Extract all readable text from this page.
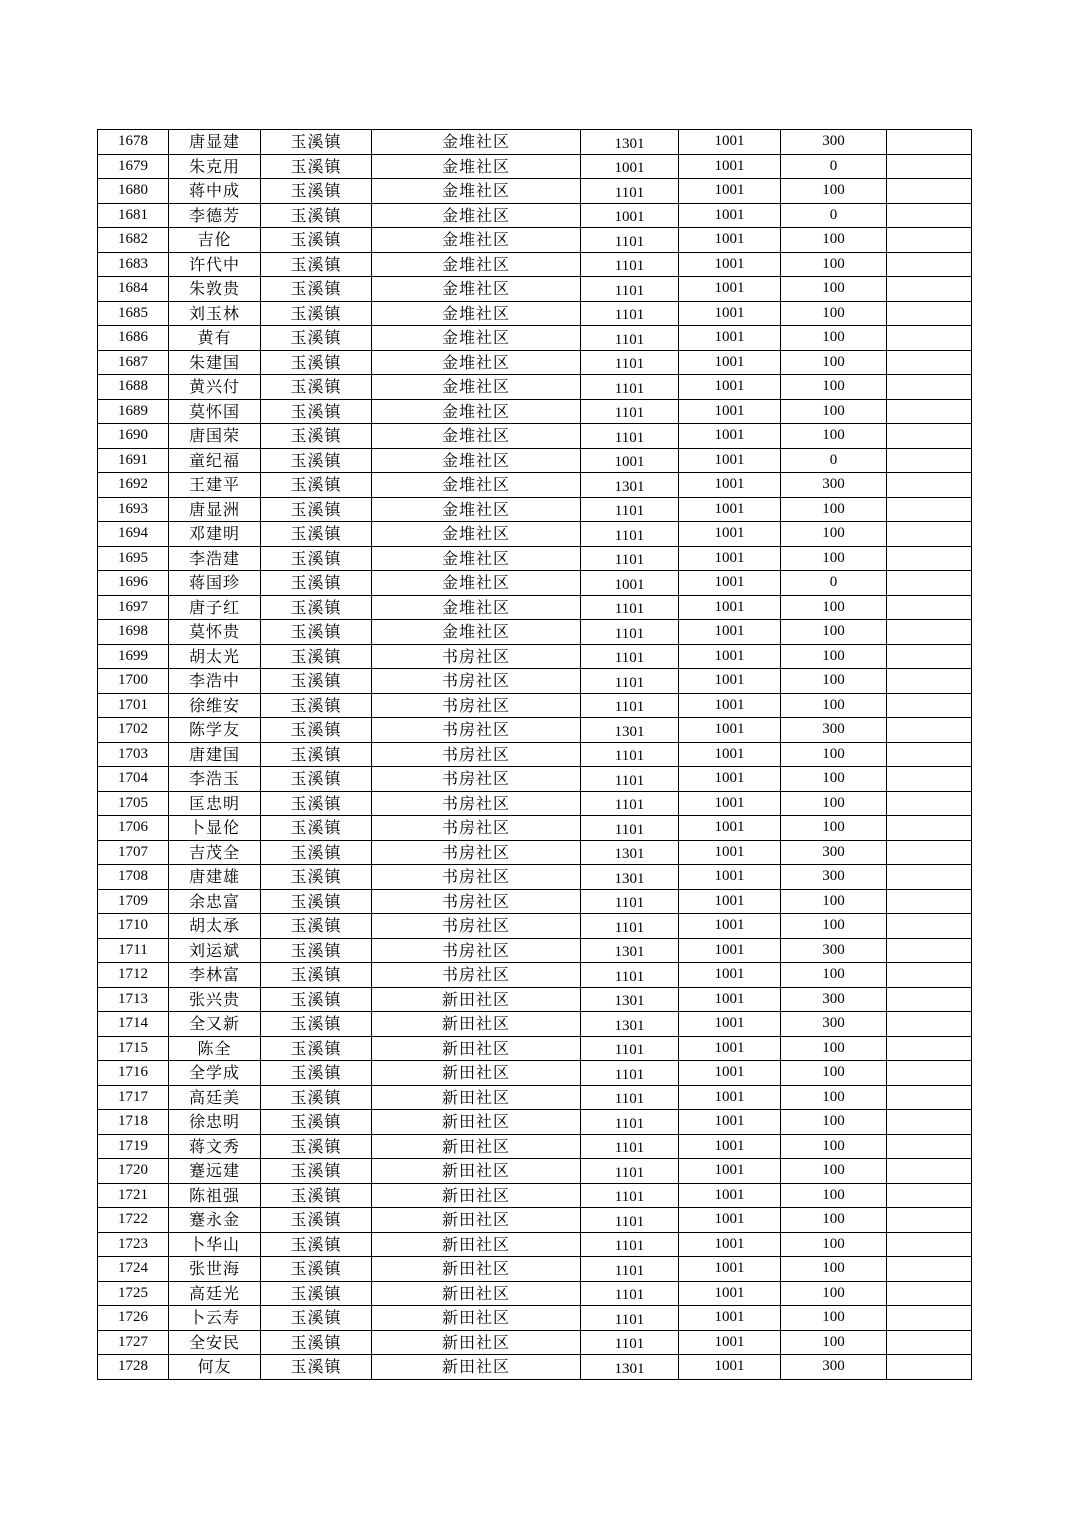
1678	唐显建	玉溪镇	金堆社区	1301	1001	300	
1679	朱克用	玉溪镇	金堆社区	1001	1001	0	
1680	蒋中成	玉溪镇	金堆社区	1101	1001	100	
1681	李德芳	玉溪镇	金堆社区	1001	1001	0	
1682	吉伦	玉溪镇	金堆社区	1101	1001	100	
1683	许代中	玉溪镇	金堆社区	1101	1001	100	
1684	朱敦贵	玉溪镇	金堆社区	1101	1001	100	
1685	刘玉林	玉溪镇	金堆社区	1101	1001	100	
1686	黄有	玉溪镇	金堆社区	1101	1001	100	
1687	朱建国	玉溪镇	金堆社区	1101	1001	100	
1688	黄兴付	玉溪镇	金堆社区	1101	1001	100	
1689	莫怀国	玉溪镇	金堆社区	1101	1001	100	
1690	唐国荣	玉溪镇	金堆社区	1101	1001	100	
1691	童纪福	玉溪镇	金堆社区	1001	1001	0	
1692	王建平	玉溪镇	金堆社区	1301	1001	300	
1693	唐显洲	玉溪镇	金堆社区	1101	1001	100	
1694	邓建明	玉溪镇	金堆社区	1101	1001	100	
1695	李浩建	玉溪镇	金堆社区	1101	1001	100	
1696	蒋国珍	玉溪镇	金堆社区	1001	1001	0	
1697	唐子红	玉溪镇	金堆社区	1101	1001	100	
1698	莫怀贵	玉溪镇	金堆社区	1101	1001	100	
1699	胡太光	玉溪镇	书房社区	1101	1001	100	
1700	李浩中	玉溪镇	书房社区	1101	1001	100	
1701	徐维安	玉溪镇	书房社区	1101	1001	100	
1702	陈学友	玉溪镇	书房社区	1301	1001	300	
1703	唐建国	玉溪镇	书房社区	1101	1001	100	
1704	李浩玉	玉溪镇	书房社区	1101	1001	100	
1705	匡忠明	玉溪镇	书房社区	1101	1001	100	
1706	卜显伦	玉溪镇	书房社区	1101	1001	100	
1707	吉茂全	玉溪镇	书房社区	1301	1001	300	
1708	唐建雄	玉溪镇	书房社区	1301	1001	300	
1709	余忠富	玉溪镇	书房社区	1101	1001	100	
1710	胡太承	玉溪镇	书房社区	1101	1001	100	
1711	刘运斌	玉溪镇	书房社区	1301	1001	300	
1712	李林富	玉溪镇	书房社区	1101	1001	100	
1713	张兴贵	玉溪镇	新田社区	1301	1001	300	
1714	全又新	玉溪镇	新田社区	1301	1001	300	
1715	陈全	玉溪镇	新田社区	1101	1001	100	
1716	全学成	玉溪镇	新田社区	1101	1001	100	
1717	高廷美	玉溪镇	新田社区	1101	1001	100	
1718	徐忠明	玉溪镇	新田社区	1101	1001	100	
1719	蒋文秀	玉溪镇	新田社区	1101	1001	100	
1720	蹇远建	玉溪镇	新田社区	1101	1001	100	
1721	陈祖强	玉溪镇	新田社区	1101	1001	100	
1722	蹇永金	玉溪镇	新田社区	1101	1001	100	
1723	卜华山	玉溪镇	新田社区	1101	1001	100	
1724	张世海	玉溪镇	新田社区	1101	1001	100	
1725	高廷光	玉溪镇	新田社区	1101	1001	100	
1726	卜云寿	玉溪镇	新田社区	1101	1001	100	
1727	全安民	玉溪镇	新田社区	1101	1001	100	
1728	何友	玉溪镇	新田社区	1301	1001	300	
